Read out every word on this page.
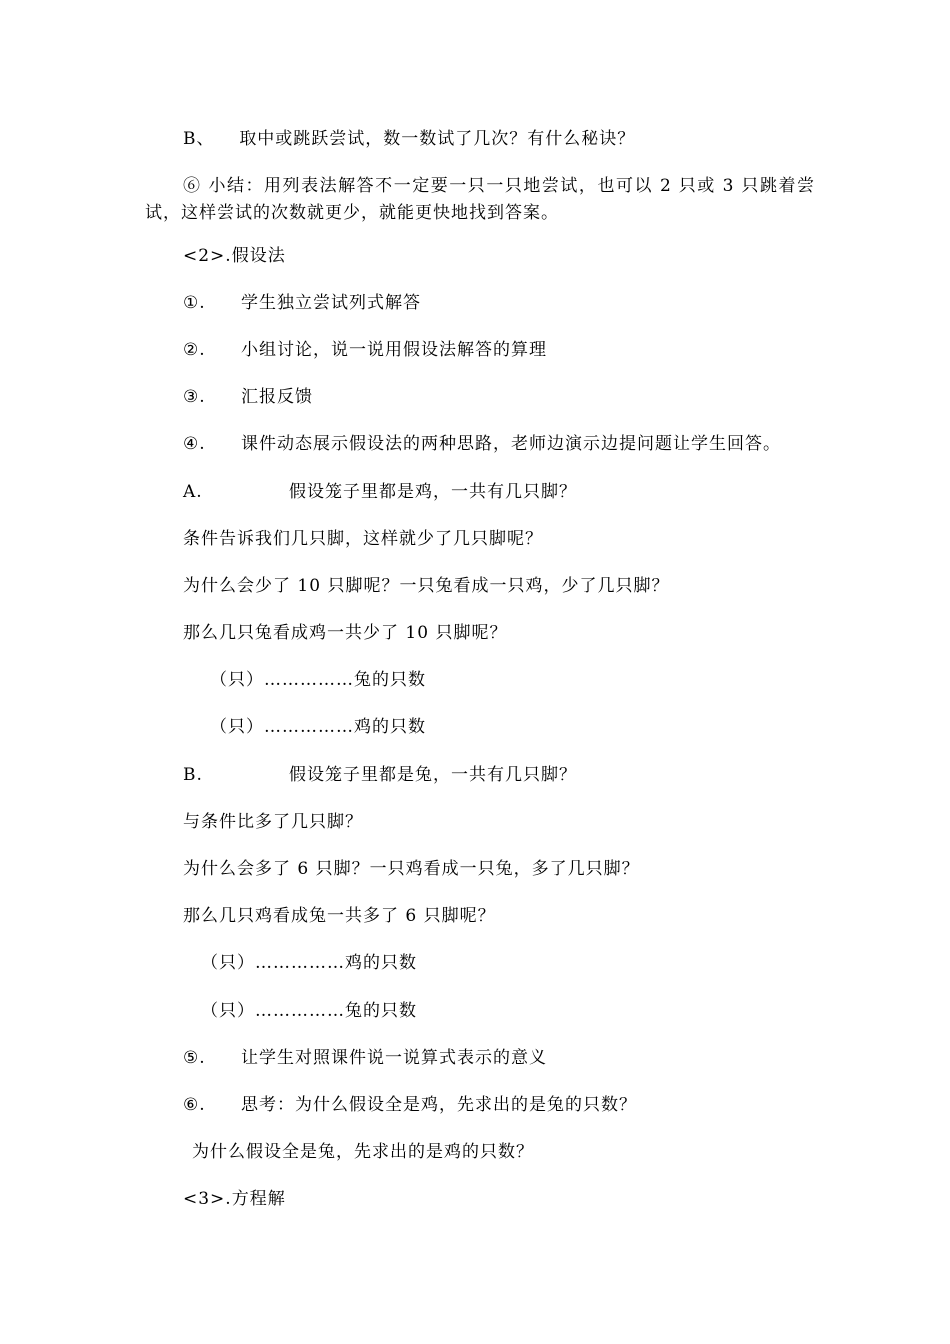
B、 取中或跳跃尝试，数一数试了几次？有什么秘诀？
⑥ 小结：用列表法解答不一定要一只一只地尝试，也可以 2 只或 3 只跳着尝试，这样尝试的次数就更少，就能更快地找到答案。
<2>.假设法
①. 学生独立尝试列式解答
②. 小组讨论，说一说用假设法解答的算理
③. 汇报反馈
④. 课件动态展示假设法的两种思路，老师边演示边提问题让学生回答。
A.	假设笼子里都是鸡，一共有几只脚？
条件告诉我们几只脚，这样就少了几只脚呢？
为什么会少了 10 只脚呢？一只兔看成一只鸡，少了几只脚？
那么几只兔看成鸡一共少了 10 只脚呢？
（只）……………兔的只数
（只）……………鸡的只数
B.	假设笼子里都是兔，一共有几只脚？
与条件比多了几只脚？
为什么会多了 6 只脚？一只鸡看成一只兔，多了几只脚？
那么几只鸡看成兔一共多了 6 只脚呢？
（只）……………鸡的只数
（只）……………兔的只数
⑤. 让学生对照课件说一说算式表示的意义
⑥. 思考：为什么假设全是鸡，先求出的是兔的只数？
为什么假设全是兔，先求出的是鸡的只数？
<3>.方程解
